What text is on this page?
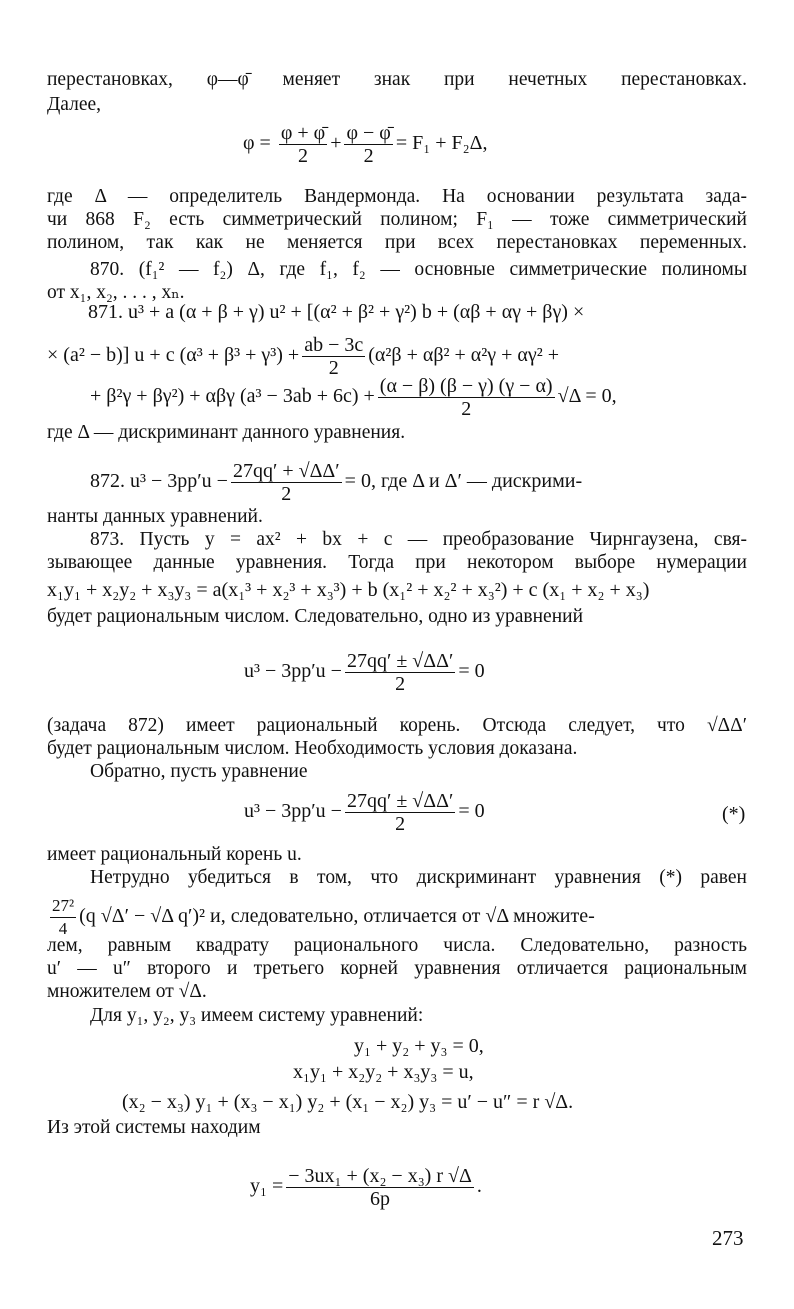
перестановках, φ—φ̄ меняет знак при нечетных перестановках.
Далее,
$\varphi = \frac{\varphi + \varphī}{2} + \frac{\varphi - \varphī}{2} = F_1 + F_2\Delta$,
где Δ — определитель Вандермонда. На основании результата зада-
чи 868 F₂ есть симметрический полином; F₁ — тоже симметрический
полином, так как не меняется при всех перестановках переменных.
870. (f₁² — f₂) Δ, где f₁, f₂ — основные симметрические полиномы
от x₁, x₂, . . . , xₙ.
871. u³ + a (α + β + γ) u² + [(α² + β² + γ²) b + (αβ + αγ + βγ) ×
× (a² − b)] u + c $(\alpha^3 + \beta^3 + \gamma^3) + \frac{ab - 3c}{2} (\alpha^2\beta + \alpha\beta^2 + \alpha^2\gamma + \alpha\gamma^2$ +
+ β²γ + βγ²) + αβγ $(a^3 - 3ab + 6c) + \frac{(\alpha - \beta) (\beta - \gamma) (\gamma - \alpha)}{2} √\Delta = 0$,
где Δ — дискриминант данного уравнения.
872. $u^3 - 3pp'u - \frac{27qq' + √\Delta\Delta'}{2} = 0$, где Δ и Δ′ — дискрими-
нанты данных уравнений.
873. Пусть y = ax² + bx + c — преобразование Чирнгаузена, свя-
зывающее данные уравнения. Тогда при некотором выборе нумерации
x₁y₁ + x₂y₂ + x₃y₃ = a(x₁³ + x₂³ + x₃³) + b (x₁² + x₂² + x₃²) + c (x₁ + x₂ + x₃)
будет рациональным числом. Следовательно, одно из уравнений
$u^3 - 3pp'u - \frac{27qq' \pm √\Delta\Delta'}{2} = 0$
(задача 872) имеет рациональный корень. Отсюда следует, что √ΔΔ′
будет рациональным числом. Необходимость условия доказана.
Обратно, пусть уравнение
$u^3 - 3pp'u - \frac{27qq' \pm √\Delta\Delta'}{2} = 0$	(*)
имеет рациональный корень u.
Нетрудно убедиться в том, что дискриминант уравнения (*) равен
$\frac{\text{27²}}{4} (q$ √Δ′ − √Δ q′)² и, следовательно, отличается от √Δ множите-
лем, равным квадрату рационального числа. Следовательно, разность
u′ — u″ второго и третьего корней уравнения отличается рациональным
множителем от √Δ.
Для y₁, y₂, y₃ имеем систему уравнений:
y₁ + y₂ + y₃ = 0,
x₁y₁ + x₂y₂ + x₃y₃ = u,
(x₂ − x₃) y₁ + (x₃ − x₁) y₂ + (x₁ − x₂) y₃ = u′ − u″ = r √Δ.
Из этой системы находим
$y_1 = \frac{\text{− 3ux₁ + (x₂ − x₃) r √Δ}}{6p}$ .
273
